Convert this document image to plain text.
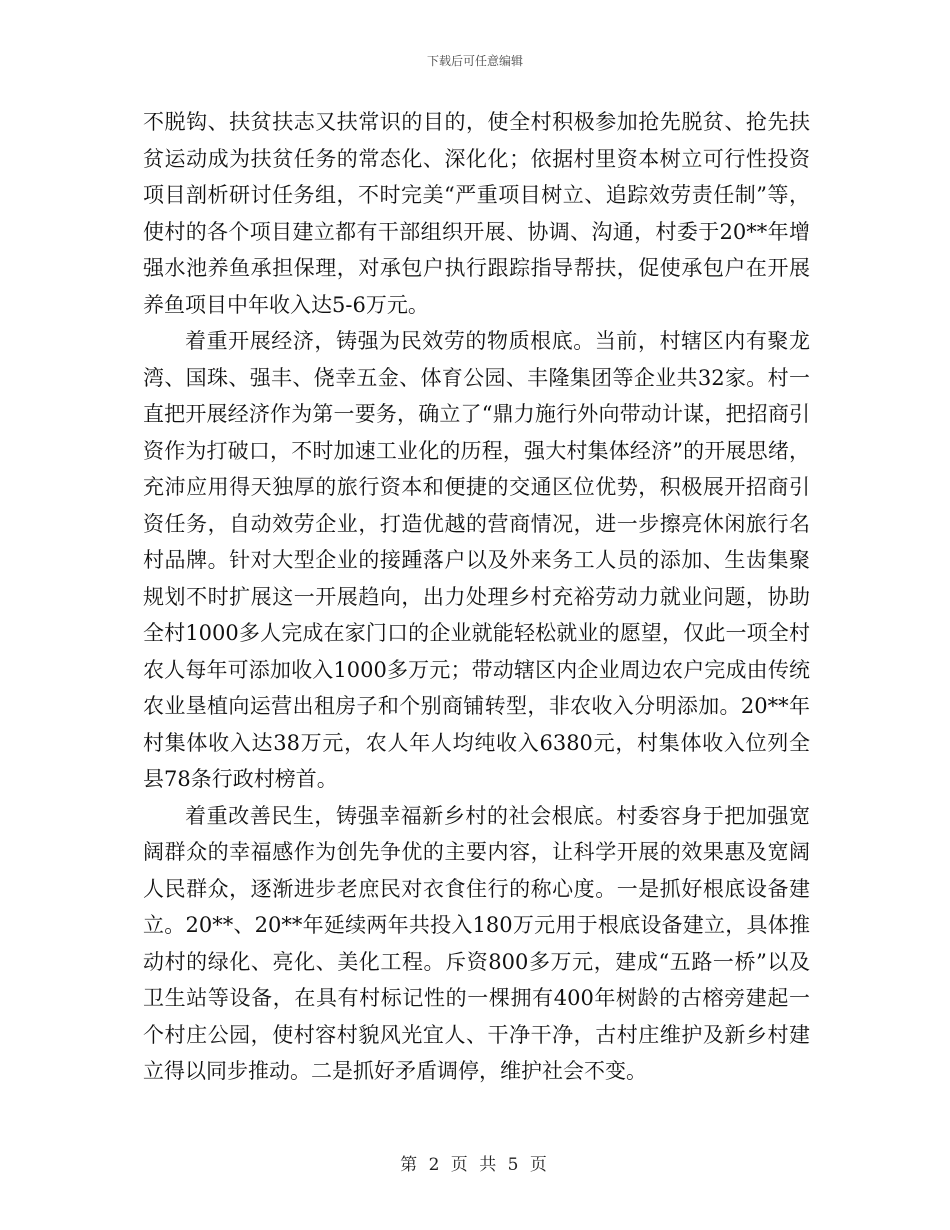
下载后可任意编辑

不脱钩、扶贫扶志又扶常识的目的，使全村积极参加抢先脱贫、抢先扶贫运动成为扶贫任务的常态化、深化化；依据村里资本树立可行性投资项目剖析研讨任务组，不时完美“严重项目树立、追踪效劳责任制”等，使村的各个项目建立都有干部组织开展、协调、沟通，村委于20**年增强水池养鱼承担保理，对承包户执行跟踪指导帮扶，促使承包户在开展养鱼项目中年收入达5-6万元。

着重开展经济，铸强为民效劳的物质根底。当前，村辖区内有聚龙湾、国珠、强丰、侥幸五金、体育公园、丰隆集团等企业共32家。村一直把开展经济作为第一要务，确立了“鼎力施行外向带动计谋，把招商引资作为打破口，不时加速工业化的历程，强大村集体经济”的开展思绪，充沛应用得天独厚的旅行资本和便捷的交通区位优势，积极展开招商引资任务，自动效劳企业，打造优越的营商情况，进一步擦亮休闲旅行名村品牌。针对大型企业的接踵落户以及外来务工人员的添加、生齿集聚规划不时扩展这一开展趋向，出力处理乡村充裕劳动力就业问题，协助全村1000多人完成在家门口的企业就能轻松就业的愿望，仅此一项全村农人每年可添加收入1000多万元；带动辖区内企业周边农户完成由传统农业垦植向运营出租房子和个别商铺转型，非农收入分明添加。20**年村集体收入达38万元，农人年人均纯收入6380元，村集体收入位列全县78条行政村榜首。

着重改善民生，铸强幸福新乡村的社会根底。村委容身于把加强宽阔群众的幸福感作为创先争优的主要内容，让科学开展的效果惠及宽阔人民群众，逐渐进步老庶民对衣食住行的称心度。一是抓好根底设备建立。20**、20**年延续两年共投入180万元用于根底设备建立，具体推动村的绿化、亮化、美化工程。斥资800多万元，建成“五路一桥”以及卫生站等设备，在具有村标记性的一棵拥有400年树龄的古榕旁建起一个村庄公园，使村容村貌风光宜人、干净干净，古村庄维护及新乡村建立得以同步推动。二是抓好矛盾调停，维护社会不变。

第 2 页 共 5 页
